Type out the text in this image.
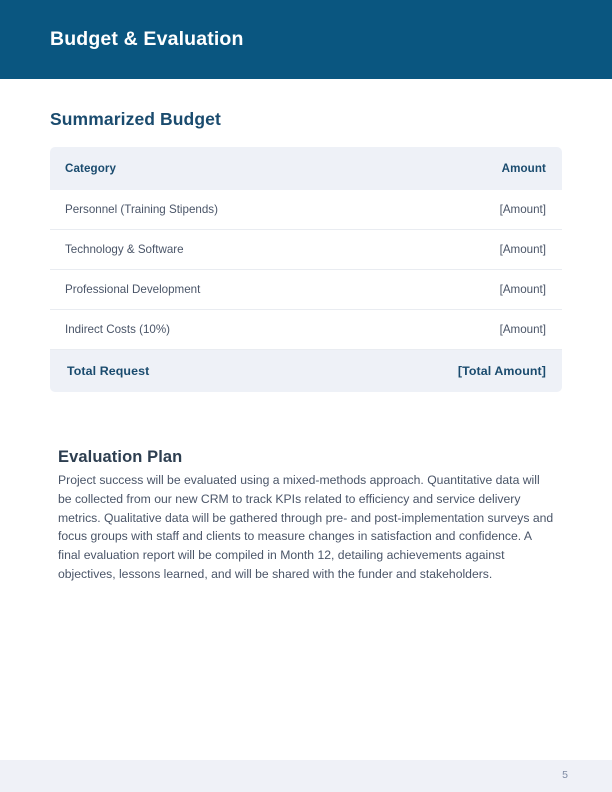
Budget & Evaluation
Summarized Budget
Category	Amount
Personnel (Training Stipends)	[Amount]
Technology & Software	[Amount]
Professional Development	[Amount]
Indirect Costs (10%)	[Amount]
Total Request	[Total Amount]
Evaluation Plan
Project success will be evaluated using a mixed-methods approach. Quantitative data will be collected from our new CRM to track KPIs related to efficiency and service delivery metrics. Qualitative data will be gathered through pre- and post-implementation surveys and focus groups with staff and clients to measure changes in satisfaction and confidence. A final evaluation report will be compiled in Month 12, detailing achievements against objectives, lessons learned, and will be shared with the funder and stakeholders.
5
